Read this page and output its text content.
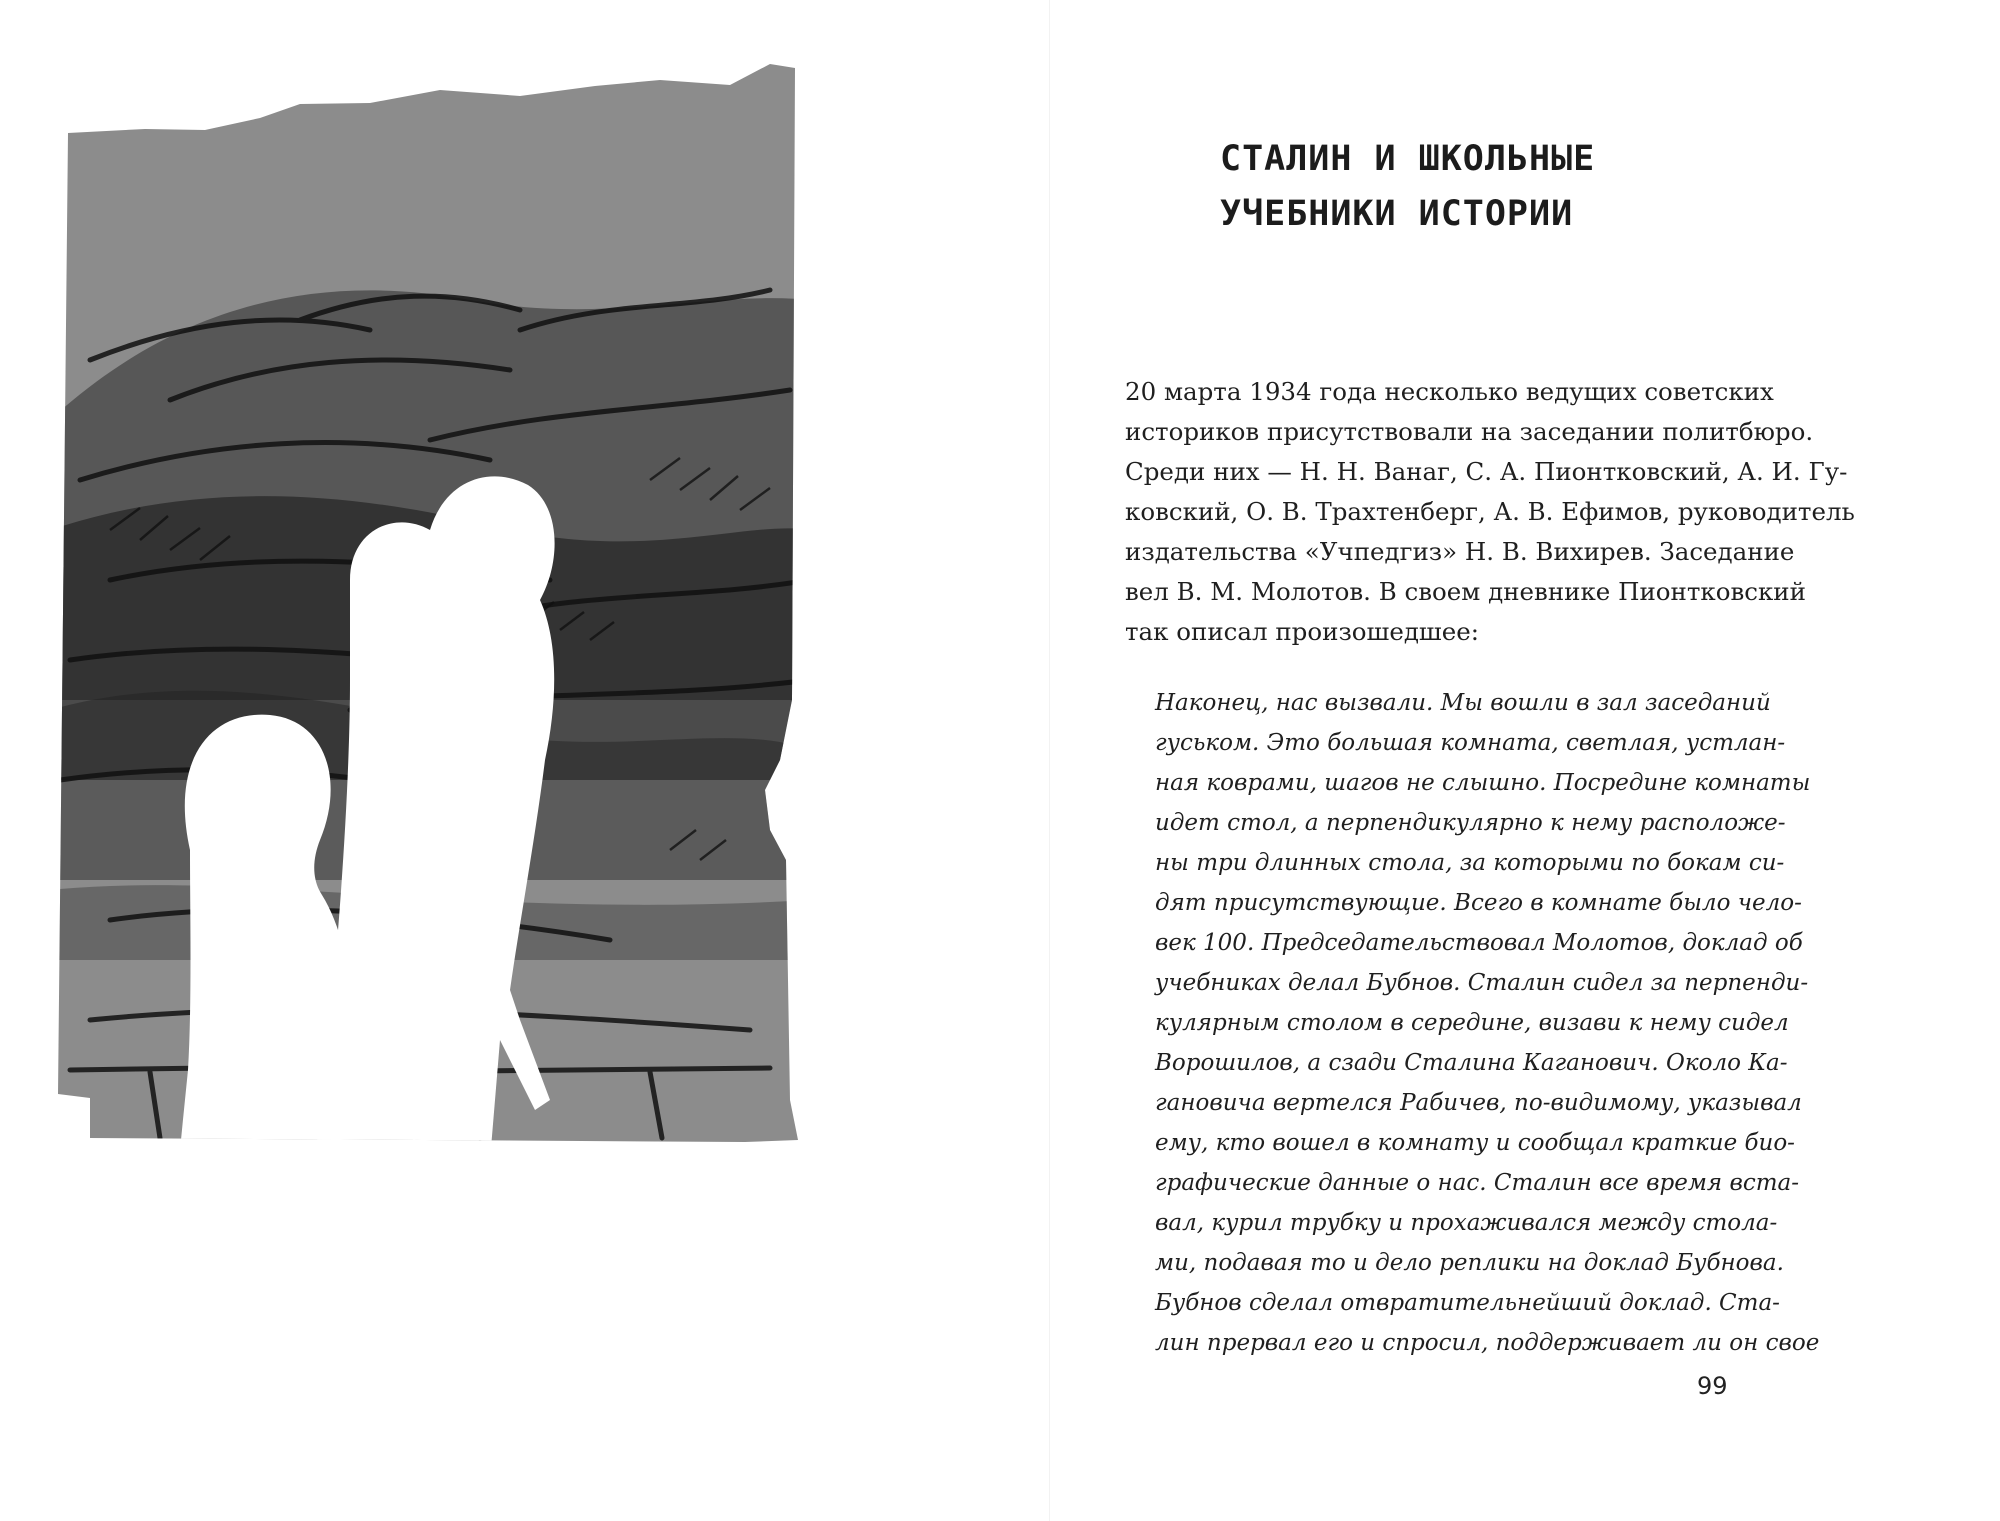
СТАЛИН И ШКОЛЬНЫЕ
УЧЕБНИКИ ИСТОРИИ
20 марта 1934 года несколько ведущих советских
историков присутствовали на заседании политбюро.
Среди них — Н. Н. Ванаг, С. А. Пионтковский, А. И. Гу-
ковский, О. В. Трахтенберг, А. В. Ефимов, руководитель
издательства «Учпедгиз» Н. В. Вихирев. Заседание
вел В. М. Молотов. В своем дневнике Пионтковский
так описал произошедшее:
Наконец, нас вызвали. Мы вошли в зал заседаний
гуськом. Это большая комната, светлая, устлан-
ная коврами, шагов не слышно. Посредине комнаты
идет стол, а перпендикулярно к нему расположе-
ны три длинных стола, за которыми по бокам си-
дят присутствующие. Всего в комнате было чело-
век 100. Председательствовал Молотов, доклад об
учебниках делал Бубнов. Сталин сидел за перпенди-
кулярным столом в середине, визави к нему сидел
Ворошилов, а сзади Сталина Каганович. Около Ка-
гановича вертелся Рабичев, по-видимому, указывал
ему, кто вошел в комнату и сообщал краткие био-
графические данные о нас. Сталин все время вста-
вал, курил трубку и прохаживался между стола-
ми, подавая то и дело реплики на доклад Бубнова.
Бубнов сделал отвратительнейший доклад. Ста-
лин прервал его и спросил, поддерживает ли он свое
99
